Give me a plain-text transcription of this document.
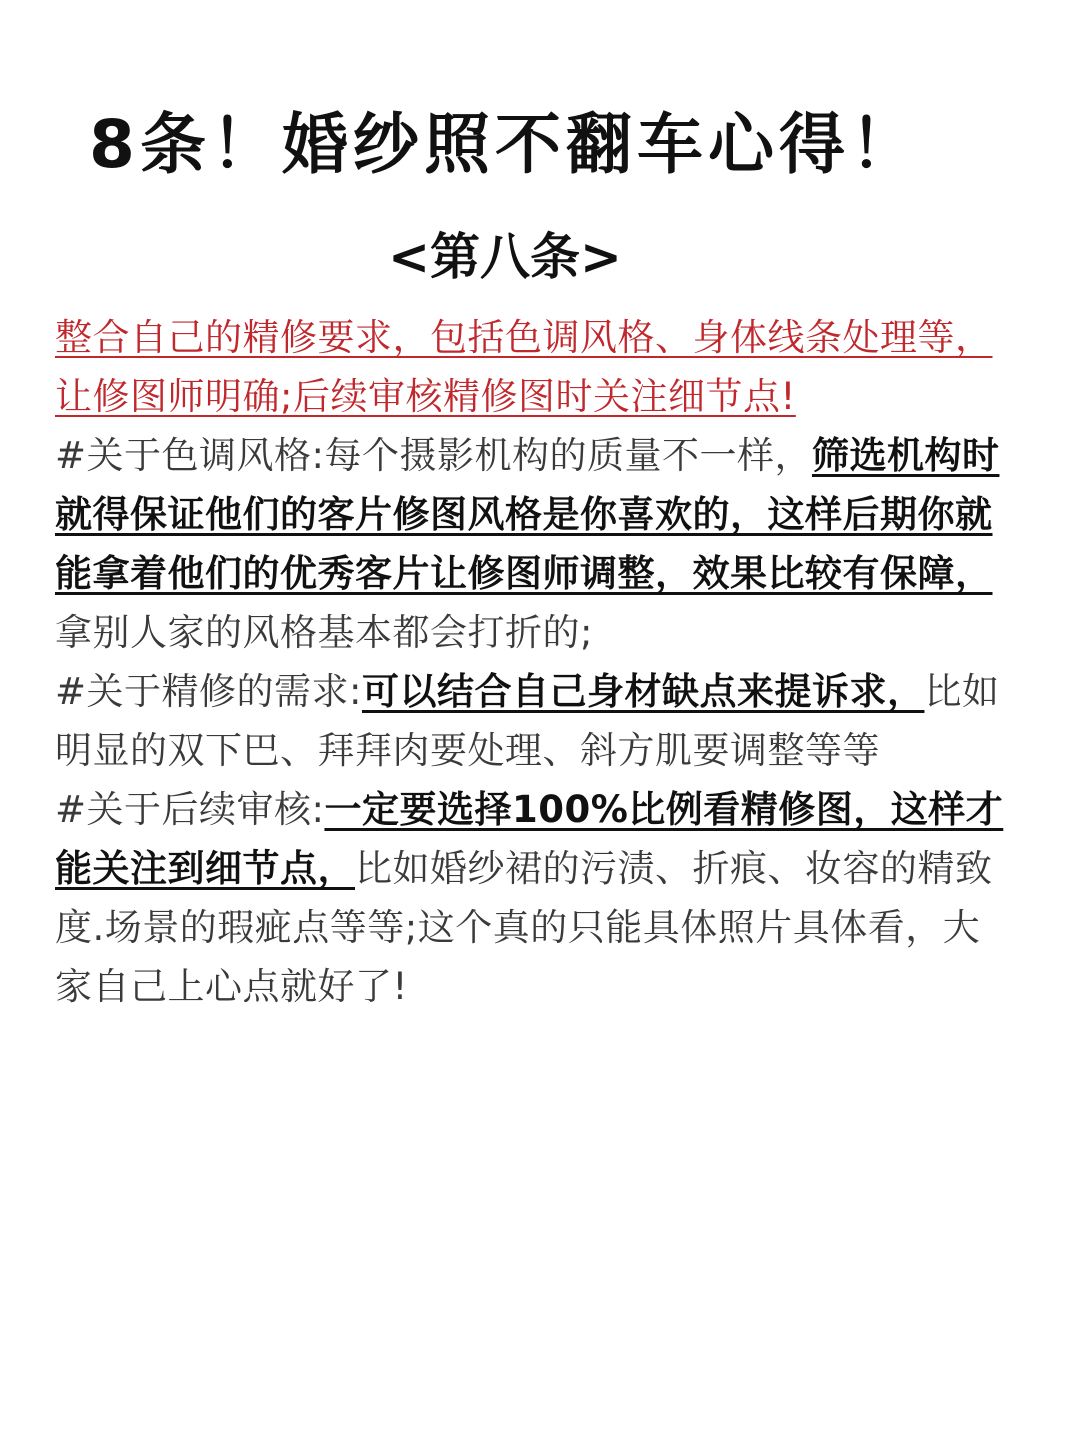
8条！婚纱照不翻车心得！
<第八条>

整合自己的精修要求，包括色调风格、身体线条处理等，让修图师明确;后续审核精修图时关注细节点!

#关于色调风格:每个摄影机构的质量不一样，筛选机构时就得保证他们的客片修图风格是你喜欢的，这样后期你就能拿着他们的优秀客片让修图师调整，效果比较有保障，拿别人家的风格基本都会打折的;

#关于精修的需求:可以结合自己身材缺点来提诉求，比如明显的双下巴、拜拜肉要处理、斜方肌要调整等等

#关于后续审核:一定要选择100%比例看精修图，这样才能关注到细节点，比如婚纱裙的污渍、折痕、妆容的精致度.场景的瑕疵点等等;这个真的只能具体照片具体看，大家自己上心点就好了!
